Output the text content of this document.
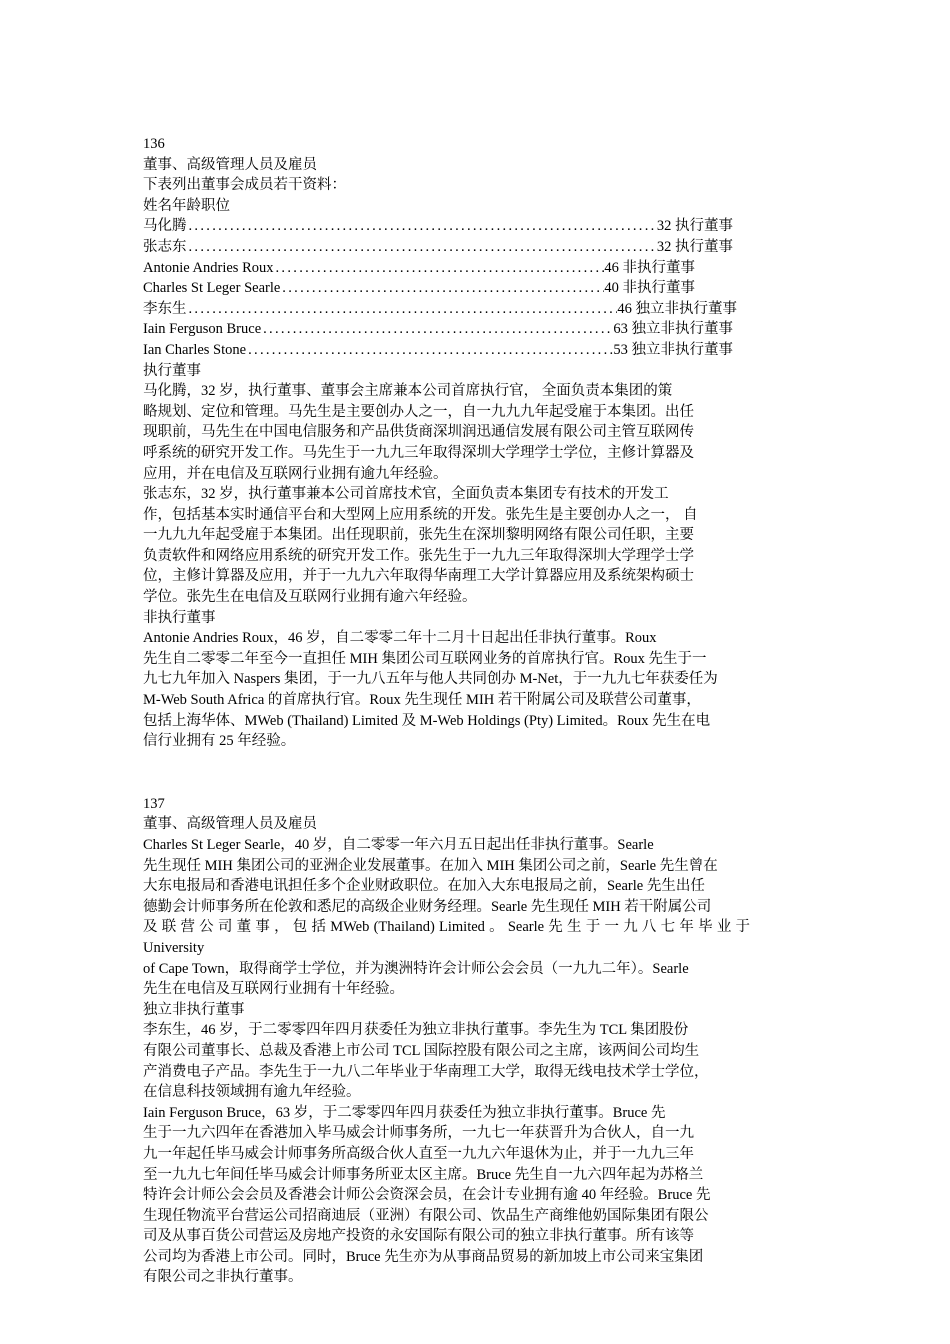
136
董事、高级管理人员及雇员
下表列出董事会成员若干资料：
姓名年龄职位
马化腾 .....	32 执行董事
张志东 .....	32 执行董事
Antonie Andries Roux .....	46 非执行董事
Charles St Leger Searle .....	40 非执行董事
李东生 .....	46 独立非执行董事
Iain Ferguson Bruce .....	63 独立非执行董事
Ian Charles Stone .....	53 独立非执行董事
执行董事
马化腾，32 岁，执行董事、董事会主席兼本公司首席执行官， 全面负责本集团的策
略规划、定位和管理。马先生是主要创办人之一，自一九九九年起受雇于本集团。出任
现职前，马先生在中国电信服务和产品供货商深圳润迅通信发展有限公司主管互联网传
呼系统的研究开发工作。马先生于一九九三年取得深圳大学理学士学位，主修计算器及
应用，并在电信及互联网行业拥有逾九年经验。
张志东，32 岁，执行董事兼本公司首席技术官，全面负责本集团专有技术的开发工
作，包括基本实时通信平台和大型网上应用系统的开发。张先生是主要创办人之一， 自
一九九九年起受雇于本集团。出任现职前，张先生在深圳黎明网络有限公司任职，主要
负责软件和网络应用系统的研究开发工作。张先生于一九九三年取得深圳大学理学士学
位，主修计算器及应用，并于一九九六年取得华南理工大学计算器应用及系统架构硕士
学位。张先生在电信及互联网行业拥有逾六年经验。
非执行董事
Antonie Andries Roux，46 岁，自二零零二年十二月十日起出任非执行董事。Roux
先生自二零零二年至今一直担任 MIH 集团公司互联网业务的首席执行官。Roux 先生于一
九七九年加入 Naspers 集团，于一九八五年与他人共同创办 M-Net，于一九九七年获委任为
M-Web South Africa 的首席执行官。Roux 先生现任 MIH 若干附属公司及联营公司董事，
包括上海华体、MWeb (Thailand) Limited 及 M-Web Holdings (Pty) Limited。Roux 先生在电
信行业拥有 25 年经验。
137
董事、高级管理人员及雇员
Charles St Leger Searle，40 岁，自二零零一年六月五日起出任非执行董事。Searle
先生现任 MIH 集团公司的亚洲企业发展董事。在加入 MIH 集团公司之前，Searle 先生曾在
大东电报局和香港电讯担任多个企业财政职位。在加入大东电报局之前，Searle 先生出任
德勤会计师事务所在伦敦和悉尼的高级企业财务经理。Searle 先生现任 MIH 若干附属公司
及 联 营 公 司 董 事 ， 包 括 MWeb (Thailand) Limited 。 Searle 先 生 于 一 九 八 七 年 毕 业 于
University
of Cape Town，取得商学士学位，并为澳洲特许会计师公会会员（一九九二年）。Searle
先生在电信及互联网行业拥有十年经验。
独立非执行董事
李东生，46 岁，于二零零四年四月获委任为独立非执行董事。李先生为 TCL 集团股份
有限公司董事长、总裁及香港上市公司 TCL 国际控股有限公司之主席，该两间公司均生
产消费电子产品。李先生于一九八二年毕业于华南理工大学，取得无线电技术学士学位，
在信息科技领域拥有逾九年经验。
Iain Ferguson Bruce，63 岁，于二零零四年四月获委任为独立非执行董事。Bruce 先
生于一九六四年在香港加入毕马威会计师事务所，一九七一年获晋升为合伙人，自一九
九一年起任毕马威会计师事务所高级合伙人直至一九九六年退休为止，并于一九九三年
至一九九七年间任毕马威会计师事务所亚太区主席。Bruce 先生自一九六四年起为苏格兰
特许会计师公会会员及香港会计师公会资深会员，在会计专业拥有逾 40 年经验。Bruce 先
生现任物流平台营运公司招商迪辰（亚洲）有限公司、饮品生产商维他奶国际集团有限公
司及从事百货公司营运及房地产投资的永安国际有限公司的独立非执行董事。所有该等
公司均为香港上市公司。同时，Bruce 先生亦为从事商品贸易的新加坡上市公司来宝集团
有限公司之非执行董事。
